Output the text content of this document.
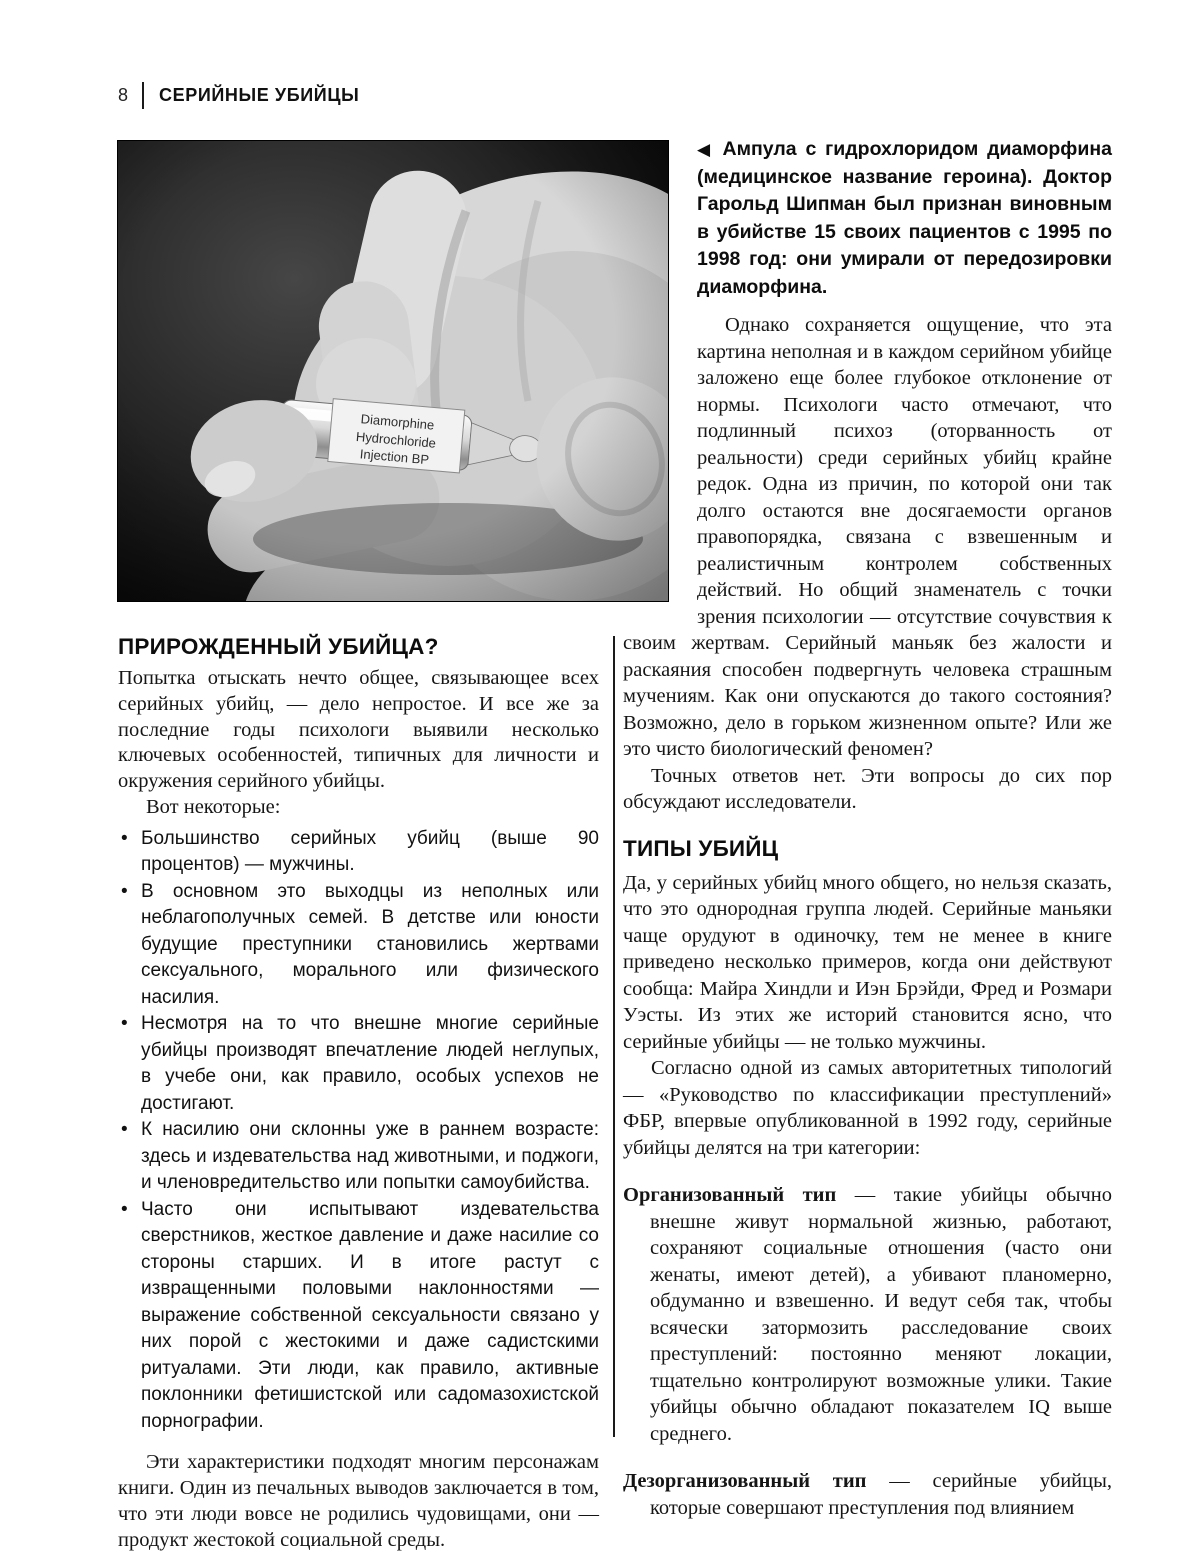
8 СЕРИЙНЫЕ УБИЙЦЫ

◀ Ампула с гидрохлоридом диаморфина (медицинское название героина). Доктор Гарольд Шипман был признан виновным в убийстве 15 своих пациентов с 1995 по 1998 год: они умирали от передозировки диаморфина.

Однако сохраняется ощущение, что эта картина неполная и в каждом серийном убийце заложено еще более глубокое отклонение от нормы. Психологи часто отмечают, что подлинный психоз (оторванность от реальности) среди серийных убийц крайне редок. Одна из причин, по которой они так долго остаются вне досягаемости органов правопорядка, связана с взвешенным и реалистичным контролем собственных действий. Но общий знаменатель с точки зрения психологии — отсутствие сочувствия к своим жертвам. Серийный маньяк без жалости и раскаяния способен подвергнуть человека страшным мучениям. Как они опускаются до такого состояния? Возможно, дело в горьком жизненном опыте? Или же это чисто биологический феномен?

Точных ответов нет. Эти вопросы до сих пор обсуждают исследователи.

ТИПЫ УБИЙЦ

Да, у серийных убийц много общего, но нельзя сказать, что это однородная группа людей. Серийные маньяки чаще орудуют в одиночку, тем не менее в книге приведено несколько примеров, когда они действуют сообща: Майра Хиндли и Иэн Брэйди, Фред и Розмари Уэсты. Из этих же историй становится ясно, что серийные убийцы — не только мужчины.

Согласно одной из самых авторитетных типологий — «Руководство по классификации преступлений» ФБР, впервые опубликованной в 1992 году, серийные убийцы делятся на три категории:

Организованный тип — такие убийцы обычно внешне живут нормальной жизнью, работают, сохраняют социальные отношения (часто они женаты, имеют детей), а убивают планомерно, обдуманно и взвешенно. И ведут себя так, чтобы всячески затормозить расследование своих преступлений: постоянно меняют локации, тщательно контролируют возможные улики. Такие убийцы обычно обладают показателем IQ выше среднего.

Дезорганизованный тип — серийные убийцы, которые совершают преступления под влиянием

ПРИРОЖДЕННЫЙ УБИЙЦА?

Попытка отыскать нечто общее, связывающее всех серийных убийц, — дело непростое. И все же за последние годы психологи выявили несколько ключевых особенностей, типичных для личности и окружения серийного убийцы.

Вот некоторые:

• Большинство серийных убийц (выше 90 процентов) — мужчины.
• В основном это выходцы из неполных или неблагополучных семей. В детстве или юности будущие преступники становились жертвами сексуального, морального или физического насилия.
• Несмотря на то что внешне многие серийные убийцы производят впечатление людей неглупых, в учебе они, как правило, особых успехов не достигают.
• К насилию они склонны уже в раннем возрасте: здесь и издевательства над животными, и поджоги, и членовредительство или попытки самоубийства.
• Часто они испытывают издевательства сверстников, жесткое давление и даже насилие со стороны старших. И в итоге растут с извращенными половыми наклонностями — выражение собственной сексуальности связано у них порой с жестокими и даже садистскими ритуалами. Эти люди, как правило, активные поклонники фетишистской или садомазохистской порнографии.

Эти характеристики подходят многим персонажам книги. Один из печальных выводов заключается в том, что эти люди вовсе не родились чудовищами, они — продукт жестокой социальной среды.
